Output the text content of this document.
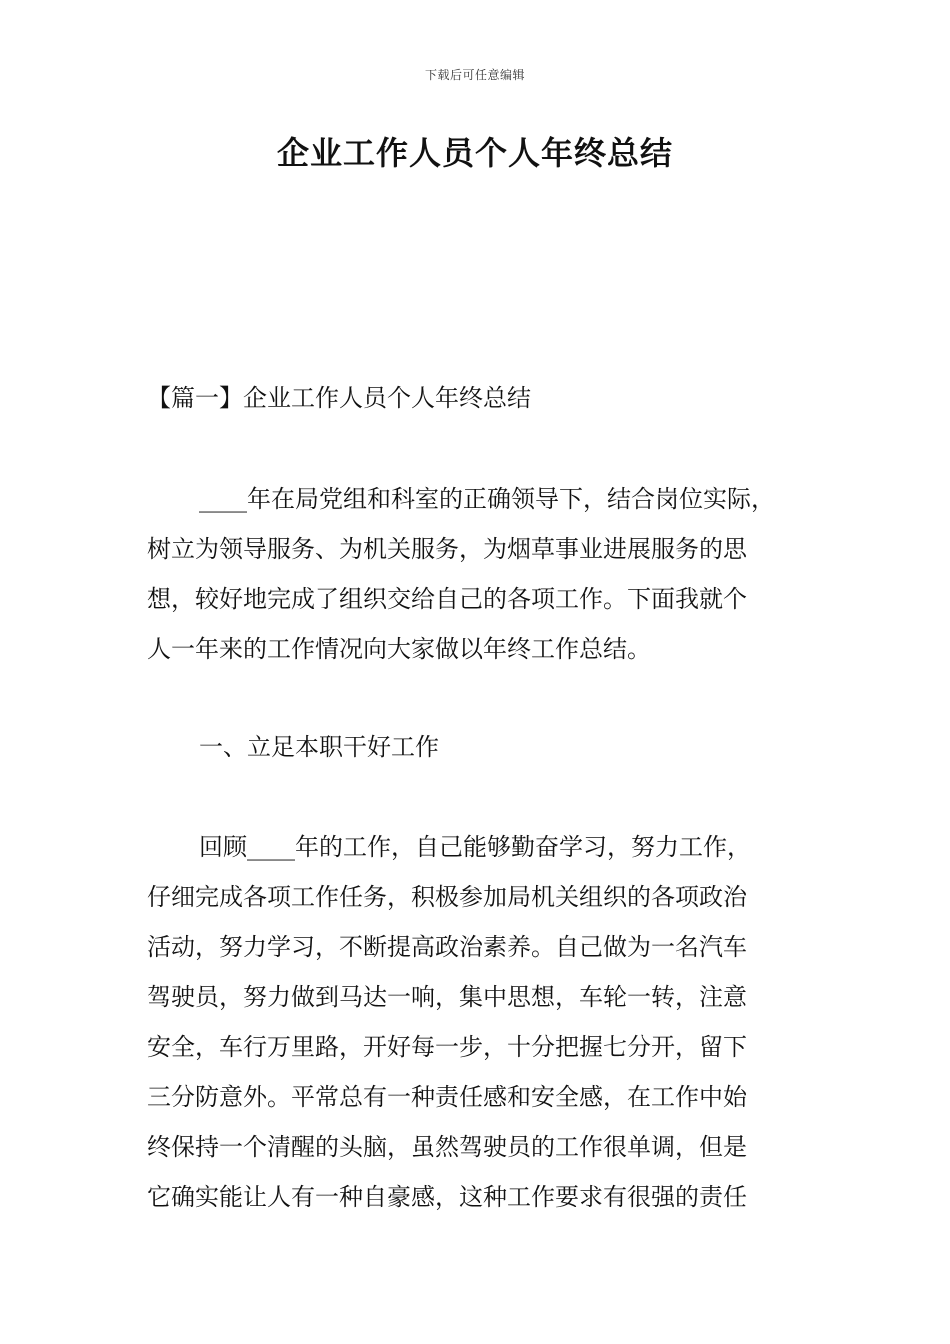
下载后可任意编辑
企业工作人员个人年终总结
【篇一】企业工作人员个人年终总结
____年在局党组和科室的正确领导下，结合岗位实际，
树立为领导服务、为机关服务，为烟草事业进展服务的思
想，较好地完成了组织交给自己的各项工作。下面我就个
人一年来的工作情况向大家做以年终工作总结。
一、立足本职干好工作
回顾____年的工作，自己能够勤奋学习，努力工作，
仔细完成各项工作任务，积极参加局机关组织的各项政治
活动，努力学习，不断提高政治素养。自己做为一名汽车
驾驶员，努力做到马达一响，集中思想，车轮一转，注意
安全，车行万里路，开好每一步，十分把握七分开，留下
三分防意外。平常总有一种责任感和安全感，在工作中始
终保持一个清醒的头脑，虽然驾驶员的工作很单调，但是
它确实能让人有一种自豪感，这种工作要求有很强的责任
